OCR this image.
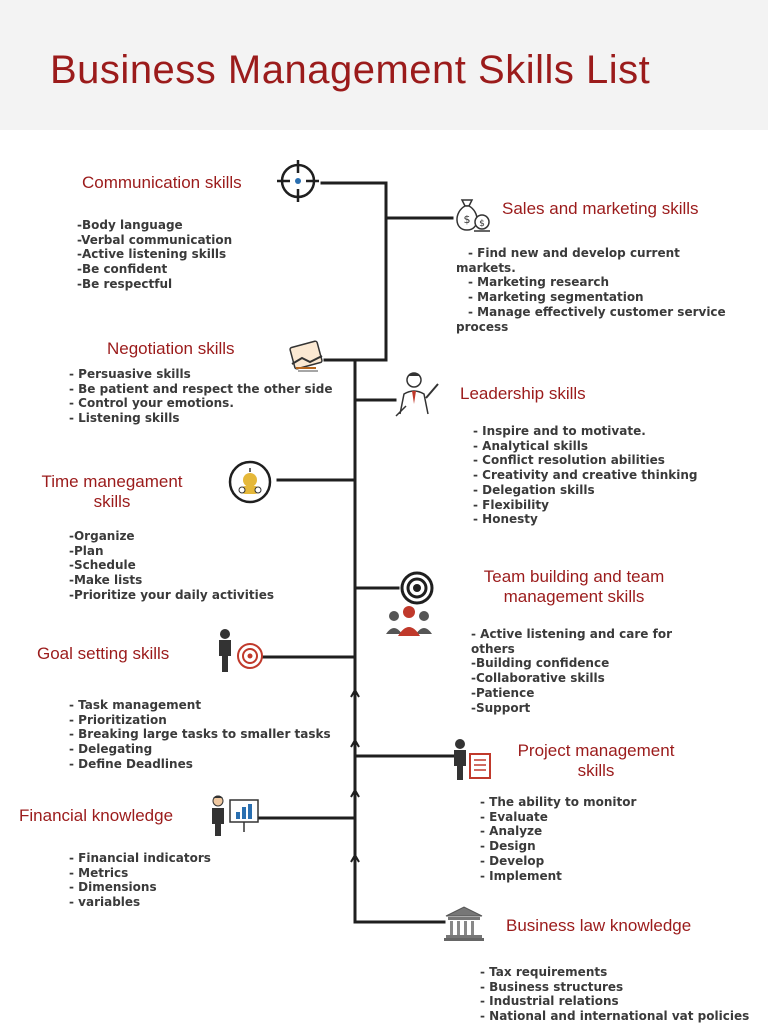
Business Management Skills List
$ $
Communication skills
-Body language
-Verbal communication
-Active listening skills
-Be confident
-Be respectful
Negotiation skills
- Persuasive skills
- Be patient and respect the other side
- Control your emotions.
- Listening skills
Time manegament
skills
-Organize
-Plan
-Schedule
-Make lists
-Prioritize your daily activities
Goal setting skills
- Task management
- Prioritization
- Breaking large tasks to smaller tasks
- Delegating
- Define Deadlines
Financial knowledge
- Financial indicators
- Metrics
- Dimensions
- variables
Sales and marketing skills
- Find new and develop current markets.
- Marketing research
- Marketing segmentation
- Manage effectively customer service process
Leadership skills
- Inspire and to motivate.
- Analytical skills
- Conflict resolution abilities
- Creativity and creative thinking
- Delegation skills
- Flexibility
- Honesty
Team building and team
management skills
- Active listening and care for others
-Building confidence
-Collaborative skills
-Patience
-Support
Project management
skills
- The ability to monitor
- Evaluate
- Analyze
- Design
- Develop
- Implement
Business law knowledge
- Tax requirements
- Business structures
- Industrial relations
- National and international vat policies
